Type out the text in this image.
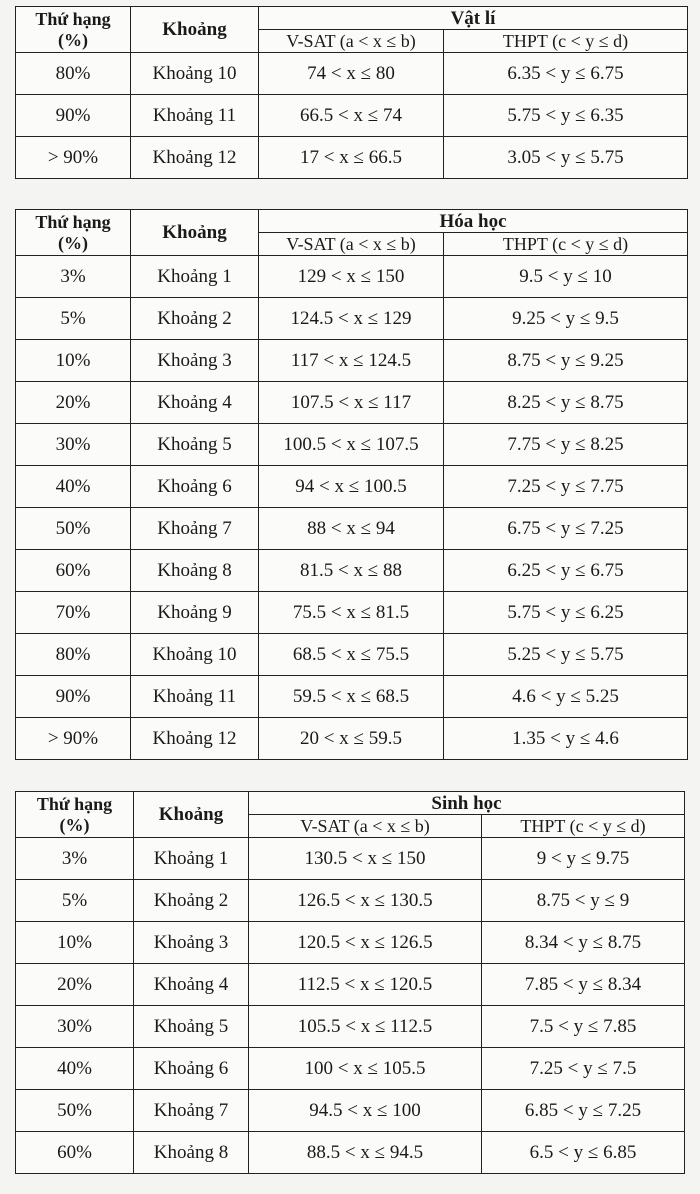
Thứ hạng
(%)	Khoảng	Vật lí	
		V-SAT (a < x ≤ b)	THPT (c < y ≤ d)
80%	Khoảng 10	74 < x ≤ 80	6.35 < y ≤ 6.75
90%	Khoảng 11	66.5 < x ≤ 74	5.75 < y ≤ 6.35
> 90%	Khoảng 12	17 < x ≤ 66.5	3.05 < y ≤ 5.75
Thứ hạng
(%)	Khoảng	Hóa học	
		V-SAT (a < x ≤ b)	THPT (c < y ≤ d)
3%	Khoảng 1	129 < x ≤ 150	9.5 < y ≤ 10
5%	Khoảng 2	124.5 < x ≤ 129	9.25 < y ≤ 9.5
10%	Khoảng 3	117 < x ≤ 124.5	8.75 < y ≤ 9.25
20%	Khoảng 4	107.5 < x ≤ 117	8.25 < y ≤ 8.75
30%	Khoảng 5	100.5 < x ≤ 107.5	7.75 < y ≤ 8.25
40%	Khoảng 6	94 < x ≤ 100.5	7.25 < y ≤ 7.75
50%	Khoảng 7	88 < x ≤ 94	6.75 < y ≤ 7.25
60%	Khoảng 8	81.5 < x ≤ 88	6.25 < y ≤ 6.75
70%	Khoảng 9	75.5 < x ≤ 81.5	5.75 < y ≤ 6.25
80%	Khoảng 10	68.5 < x ≤ 75.5	5.25 < y ≤ 5.75
90%	Khoảng 11	59.5 < x ≤ 68.5	4.6 < y ≤ 5.25
> 90%	Khoảng 12	20 < x ≤ 59.5	1.35 < y ≤ 4.6
Thứ hạng
(%)	Khoảng	Sinh học	
		V-SAT (a < x ≤ b)	THPT (c < y ≤ d)
3%	Khoảng 1	130.5 < x ≤ 150	9 < y ≤ 9.75
5%	Khoảng 2	126.5 < x ≤ 130.5	8.75 < y ≤ 9
10%	Khoảng 3	120.5 < x ≤ 126.5	8.34 < y ≤ 8.75
20%	Khoảng 4	112.5 < x ≤ 120.5	7.85 < y ≤ 8.34
30%	Khoảng 5	105.5 < x ≤ 112.5	7.5 < y ≤ 7.85
40%	Khoảng 6	100 < x ≤ 105.5	7.25 < y ≤ 7.5
50%	Khoảng 7	94.5 < x ≤ 100	6.85 < y ≤ 7.25
60%	Khoảng 8	88.5 < x ≤ 94.5	6.5 < y ≤ 6.85
